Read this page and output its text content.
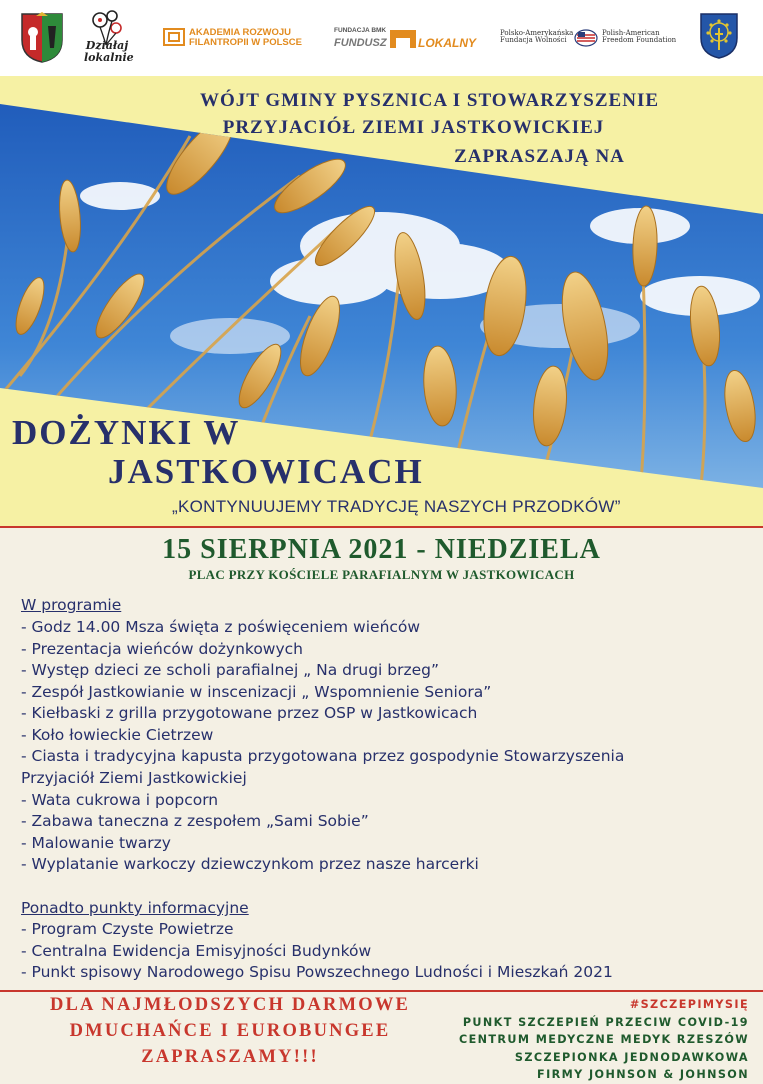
Działaj
lokalnie
AKADEMIA ROZWOJU
FILANTROPII W POLSCE
FUNDACJA BMK
FUNDUSZ	LOKALNY
Polsko-Amerykańska
Fundacja Wolności
Polish-American
Freedom Foundation
WÓJT GMINY PYSZNICA I STOWARZYSZENIE
PRZYJACIÓŁ ZIEMI JASTKOWICKIEJ
ZAPRASZAJĄ NA
DOŻYNKI W
JASTKOWICACH
„KONTYNUUJEMY TRADYCJĘ NASZYCH PRZODKÓW”
15 SIERPNIA 2021 - NIEDZIELA
PLAC PRZY KOŚCIELE PARAFIALNYM W JASTKOWICACH
W programie
- Godz 14.00 Msza święta z poświęceniem wieńców
- Prezentacja wieńców dożynkowych
- Występ dzieci ze scholi parafialnej „ Na drugi brzeg”
- Zespół Jastkowianie w inscenizacji „ Wspomnienie Seniora”
- Kiełbaski z grilla przygotowane przez OSP w Jastkowicach
- Koło łowieckie Cietrzew
- Ciasta i tradycyjna kapusta przygotowana przez gospodynie Stowarzyszenia
Przyjaciół Ziemi Jastkowickiej
- Wata cukrowa i popcorn
- Zabawa taneczna z zespołem „Sami Sobie”
- Malowanie twarzy
- Wyplatanie warkoczy dziewczynkom przez nasze harcerki
Ponadto punkty informacyjne
- Program Czyste Powietrze
- Centralna Ewidencja Emisyjności Budynków
- Punkt spisowy Narodowego Spisu Powszechnego Ludności i Mieszkań 2021
DLA NAJMŁODSZYCH DARMOWE
DMUCHAŃCE I EUROBUNGEE
ZAPRASZAMY!!!
#SZCZEPIMYSIĘ
PUNKT SZCZEPIEŃ PRZECIW COVID-19
CENTRUM MEDYCZNE MEDYK RZESZÓW
SZCZEPIONKA JEDNODAWKOWA
FIRMY JOHNSON & JOHNSON
